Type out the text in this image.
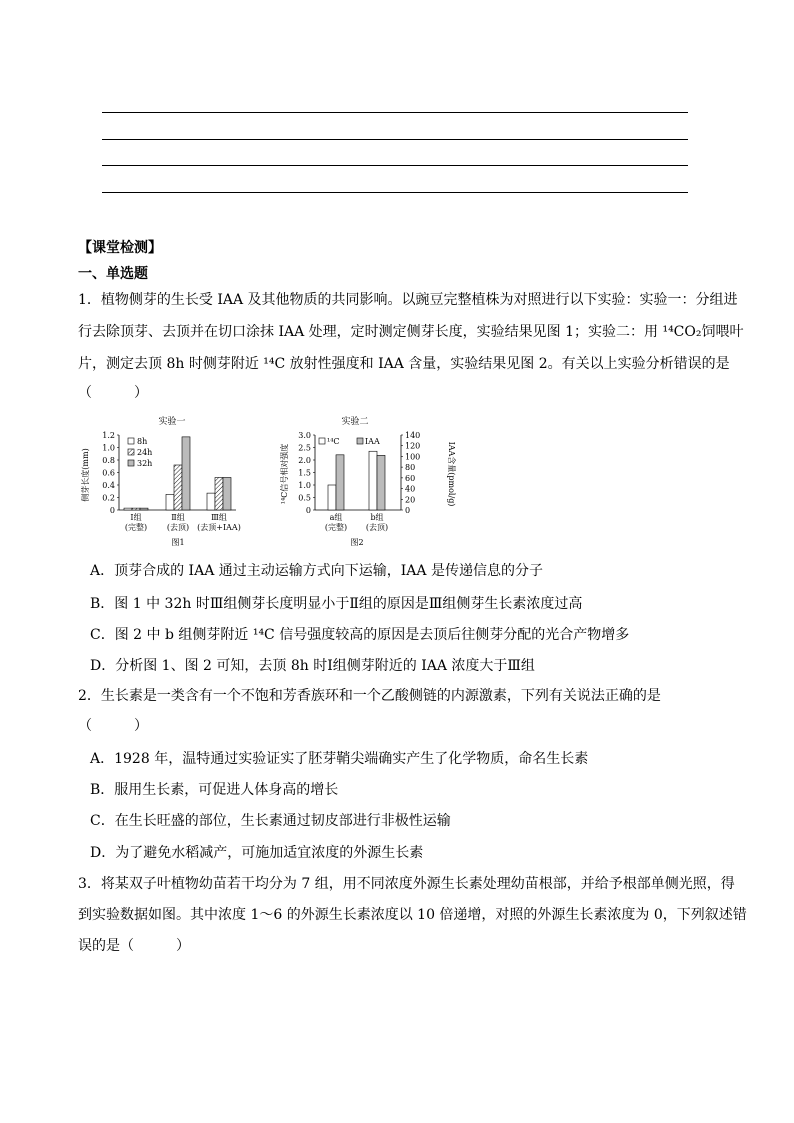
【课堂检测】
一、单选题
1．植物侧芽的生长受 IAA 及其他物质的共同影响。以豌豆完整植株为对照进行以下实验：实验一：分组进
行去除顶芽、去顶并在切口涂抹 IAA 处理，定时测定侧芽长度，实验结果见图 1；实验二：用 ¹⁴CO₂饲喂叶
片，测定去顶 8h 时侧芽附近 ¹⁴C 放射性强度和 IAA 含量，实验结果见图 2。有关以上实验分析错误的是
（　　　）
实验一
侧芽长度(mm)
0
0.2
0.4
0.6
0.8
1.0
1.2
8h
24h
32h
Ⅰ组
(完整)
Ⅱ组
(去顶)
Ⅲ组
(去顶+IAA)
图1
实验二
¹⁴C信号相对强度	IAA含量(pmol/g)
0
0.5
1.0
1.5
2.0
2.5
3.0
0
20
40
60
80
100
120
140
¹⁴C	IAA
a组
(完整)
b组
(去顶)
图2
A．顶芽合成的 IAA 通过主动运输方式向下运输，IAA 是传递信息的分子
B．图 1 中 32h 时Ⅲ组侧芽长度明显小于Ⅱ组的原因是Ⅲ组侧芽生长素浓度过高
C．图 2 中 b 组侧芽附近 ¹⁴C 信号强度较高的原因是去顶后往侧芽分配的光合产物增多
D．分析图 1、图 2 可知，去顶 8h 时Ⅰ组侧芽附近的 IAA 浓度大于Ⅲ组
2．生长素是一类含有一个不饱和芳香族环和一个乙酸侧链的内源激素，下列有关说法正确的是
（　　　）
A．1928 年，温特通过实验证实了胚芽鞘尖端确实产生了化学物质，命名生长素
B．服用生长素，可促进人体身高的增长
C．在生长旺盛的部位，生长素通过韧皮部进行非极性运输
D．为了避免水稻减产，可施加适宜浓度的外源生长素
3．将某双子叶植物幼苗若干均分为 7 组，用不同浓度外源生长素处理幼苗根部，并给予根部单侧光照，得
到实验数据如图。其中浓度 1～6 的外源生长素浓度以 10 倍递增，对照的外源生长素浓度为 0，下列叙述错
误的是（　　　）
